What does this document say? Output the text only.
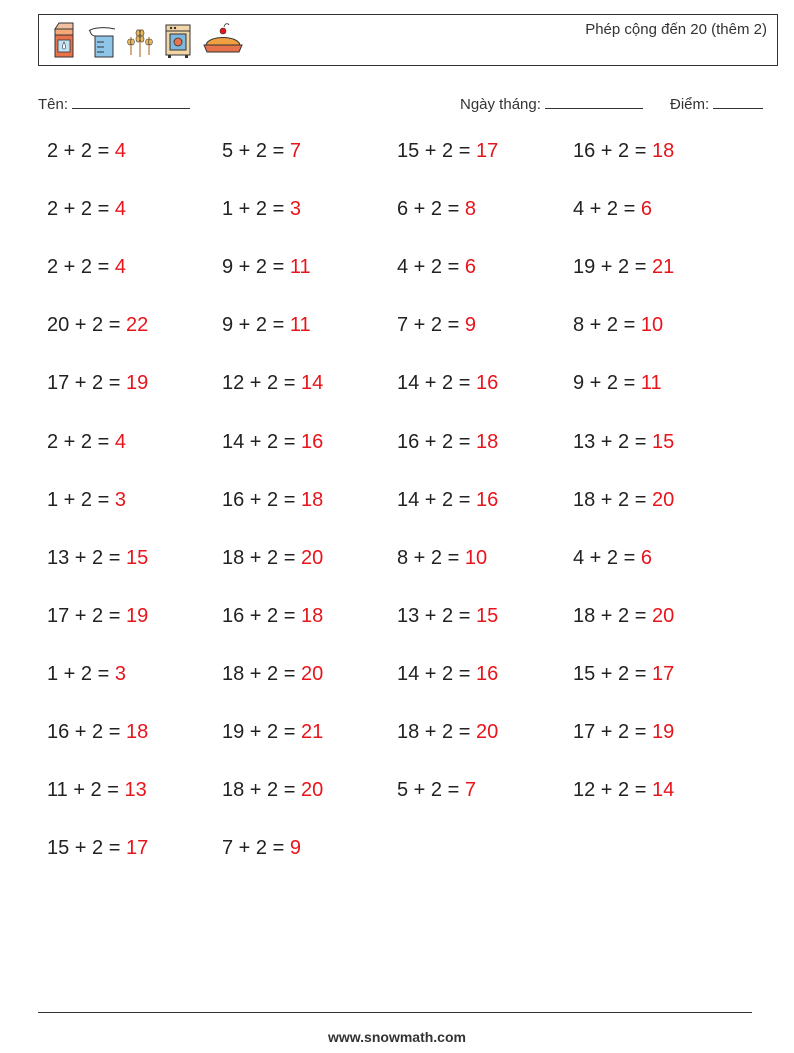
Phép cộng đến 20 (thêm 2)
Tên:	Ngày tháng:	Điểm:
2 + 2 = 4
2 + 2 = 4
2 + 2 = 4
20 + 2 = 22
17 + 2 = 19
2 + 2 = 4
1 + 2 = 3
13 + 2 = 15
17 + 2 = 19
1 + 2 = 3
16 + 2 = 18
11 + 2 = 13
15 + 2 = 17
5 + 2 = 7
1 + 2 = 3
9 + 2 = 11
9 + 2 = 11
12 + 2 = 14
14 + 2 = 16
16 + 2 = 18
18 + 2 = 20
16 + 2 = 18
18 + 2 = 20
19 + 2 = 21
18 + 2 = 20
7 + 2 = 9
15 + 2 = 17
6 + 2 = 8
4 + 2 = 6
7 + 2 = 9
14 + 2 = 16
16 + 2 = 18
14 + 2 = 16
8 + 2 = 10
13 + 2 = 15
14 + 2 = 16
18 + 2 = 20
5 + 2 = 7
16 + 2 = 18
4 + 2 = 6
19 + 2 = 21
8 + 2 = 10
9 + 2 = 11
13 + 2 = 15
18 + 2 = 20
4 + 2 = 6
18 + 2 = 20
15 + 2 = 17
17 + 2 = 19
12 + 2 = 14
www.snowmath.com
